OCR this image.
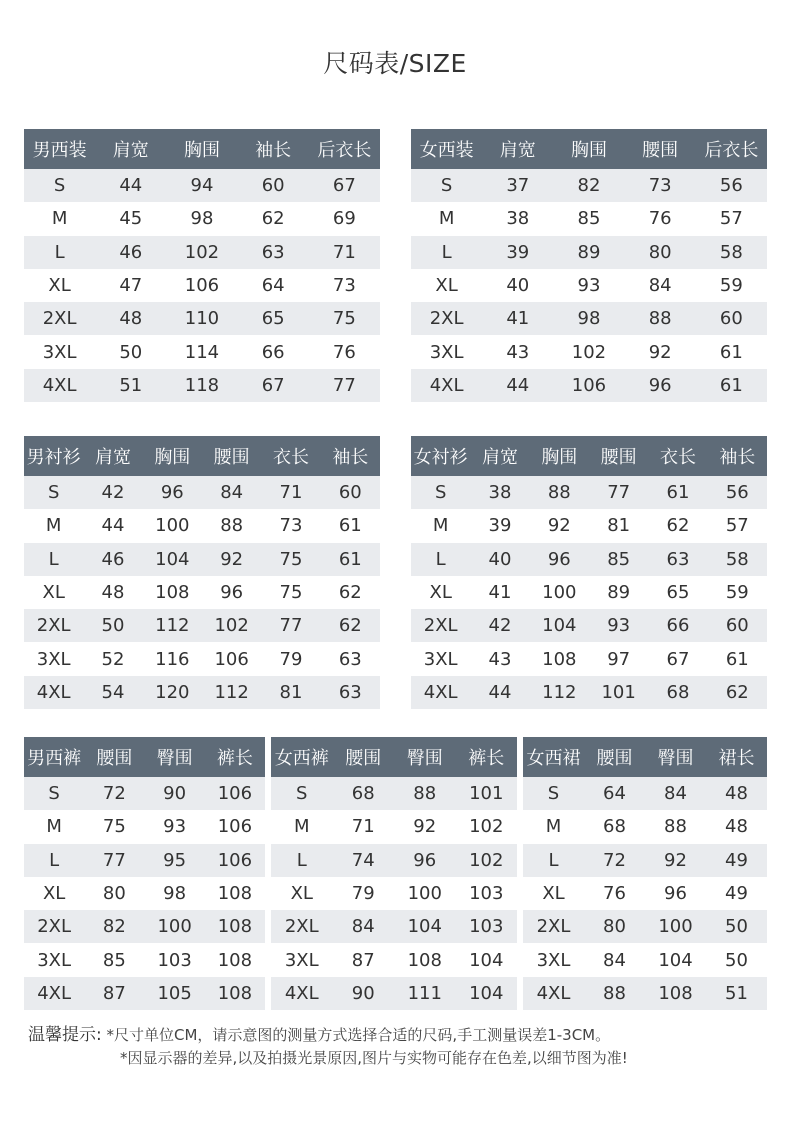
尺码表/SIZE
男西装	肩宽	胸围	袖长	后衣长
S	44	94	60	67
M	45	98	62	69
L	46	102	63	71
XL	47	106	64	73
2XL	48	110	65	75
3XL	50	114	66	76
4XL	51	118	67	77
女西装	肩宽	胸围	腰围	后衣长
S	37	82	73	56
M	38	85	76	57
L	39	89	80	58
XL	40	93	84	59
2XL	41	98	88	60
3XL	43	102	92	61
4XL	44	106	96	61
男衬衫	肩宽	胸围	腰围	衣长	袖长
S	42	96	84	71	60
M	44	100	88	73	61
L	46	104	92	75	61
XL	48	108	96	75	62
2XL	50	112	102	77	62
3XL	52	116	106	79	63
4XL	54	120	112	81	63
女衬衫	肩宽	胸围	腰围	衣长	袖长
S	38	88	77	61	56
M	39	92	81	62	57
L	40	96	85	63	58
XL	41	100	89	65	59
2XL	42	104	93	66	60
3XL	43	108	97	67	61
4XL	44	112	101	68	62
男西裤	腰围	臀围	裤长
S	72	90	106
M	75	93	106
L	77	95	106
XL	80	98	108
2XL	82	100	108
3XL	85	103	108
4XL	87	105	108
女西裤	腰围	臀围	裤长
S	68	88	101
M	71	92	102
L	74	96	102
XL	79	100	103
2XL	84	104	103
3XL	87	108	104
4XL	90	111	104
女西裙	腰围	臀围	裙长
S	64	84	48
M	68	88	48
L	72	92	49
XL	76	96	49
2XL	80	100	50
3XL	84	104	50
4XL	88	108	51
温馨提示: *尺寸单位CM，请示意图的测量方式选择合适的尺码,手工测量误差1-3CM。
*因显示器的差异,以及拍摄光景原因,图片与实物可能存在色差,以细节图为准!
